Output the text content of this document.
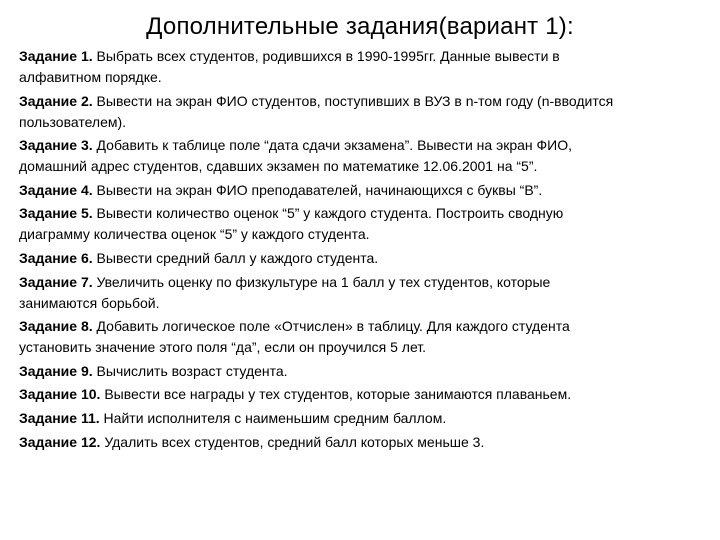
Дополнительные задания(вариант 1):
Задание 1. Выбрать всех студентов, родившихся в 1990-1995гг. Данные вывести в
алфавитном порядке.
Задание 2. Вывести на экран ФИО студентов, поступивших в ВУЗ в n-том году (n-вводится
пользователем).
Задание 3. Добавить к таблице поле “дата сдачи экзамена”. Вывести на экран ФИО,
домашний адрес студентов, сдавших экзамен по математике 12.06.2001 на “5”.
Задание 4. Вывести на экран ФИО преподавателей, начинающихся с буквы “В”.
Задание 5. Вывести количество оценок “5” у каждого студента. Построить сводную
диаграмму количества оценок “5” у каждого студента.
Задание 6. Вывести средний балл у каждого студента.
Задание 7. Увеличить оценку по физкультуре на 1 балл у тех студентов, которые
занимаются борьбой.
Задание 8. Добавить логическое поле «Отчислен» в таблицу. Для каждого студента
установить значение этого поля “да”, если он проучился 5 лет.
Задание 9. Вычислить возраст студента.
Задание 10. Вывести все награды у тех студентов, которые занимаются плаваньем.
Задание 11. Найти исполнителя с наименьшим средним баллом.
Задание 12. Удалить всех студентов, средний балл которых меньше 3.
